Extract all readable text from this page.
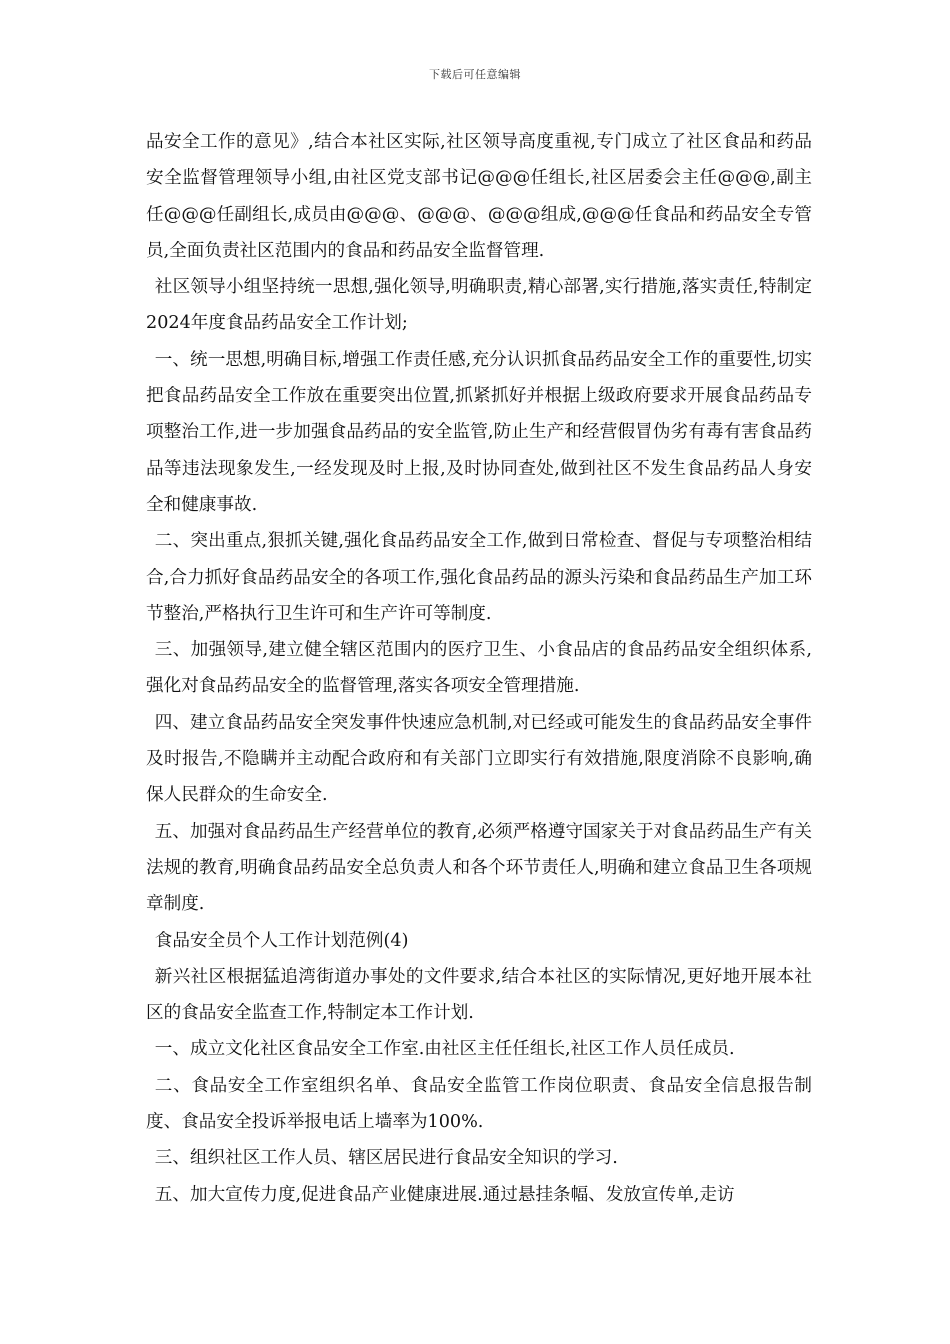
下载后可任意编辑

品安全工作的意见》,结合本社区实际,社区领导高度重视,专门成立了社区食品和药品安全监督管理领导小组,由社区党支部书记@@@任组长,社区居委会主任@@@,副主任@@@任副组长,成员由@@@、@@@、@@@组成,@@@任食品和药品安全专管员,全面负责社区范围内的食品和药品安全监督管理.

社区领导小组坚持统一思想,强化领导,明确职责,精心部署,实行措施,落实责任,特制定2024年度食品药品安全工作计划;

一、统一思想,明确目标,增强工作责任感,充分认识抓食品药品安全工作的重要性,切实把食品药品安全工作放在重要突出位置,抓紧抓好并根据上级政府要求开展食品药品专项整治工作,进一步加强食品药品的安全监管,防止生产和经营假冒伪劣有毒有害食品药品等违法现象发生,一经发现及时上报,及时协同查处,做到社区不发生食品药品人身安全和健康事故.

二、突出重点,狠抓关键,强化食品药品安全工作,做到日常检查、督促与专项整治相结合,合力抓好食品药品安全的各项工作,强化食品药品的源头污染和食品药品生产加工环节整治,严格执行卫生许可和生产许可等制度.

三、加强领导,建立健全辖区范围内的医疗卫生、小食品店的食品药品安全组织体系,强化对食品药品安全的监督管理,落实各项安全管理措施.

四、建立食品药品安全突发事件快速应急机制,对已经或可能发生的食品药品安全事件及时报告,不隐瞒并主动配合政府和有关部门立即实行有效措施,限度消除不良影响,确保人民群众的生命安全.

五、加强对食品药品生产经营单位的教育,必须严格遵守国家关于对食品药品生产有关法规的教育,明确食品药品安全总负责人和各个环节责任人,明确和建立食品卫生各项规章制度.

食品安全员个人工作计划范例(4)

新兴社区根据猛追湾街道办事处的文件要求,结合本社区的实际情况,更好地开展本社区的食品安全监查工作,特制定本工作计划.

一、成立文化社区食品安全工作室.由社区主任任组长,社区工作人员任成员.

二、食品安全工作室组织名单、食品安全监管工作岗位职责、食品安全信息报告制度、食品安全投诉举报电话上墙率为100%.

三、组织社区工作人员、辖区居民进行食品安全知识的学习.

五、加大宣传力度,促进食品产业健康进展.通过悬挂条幅、发放宣传单,走访
